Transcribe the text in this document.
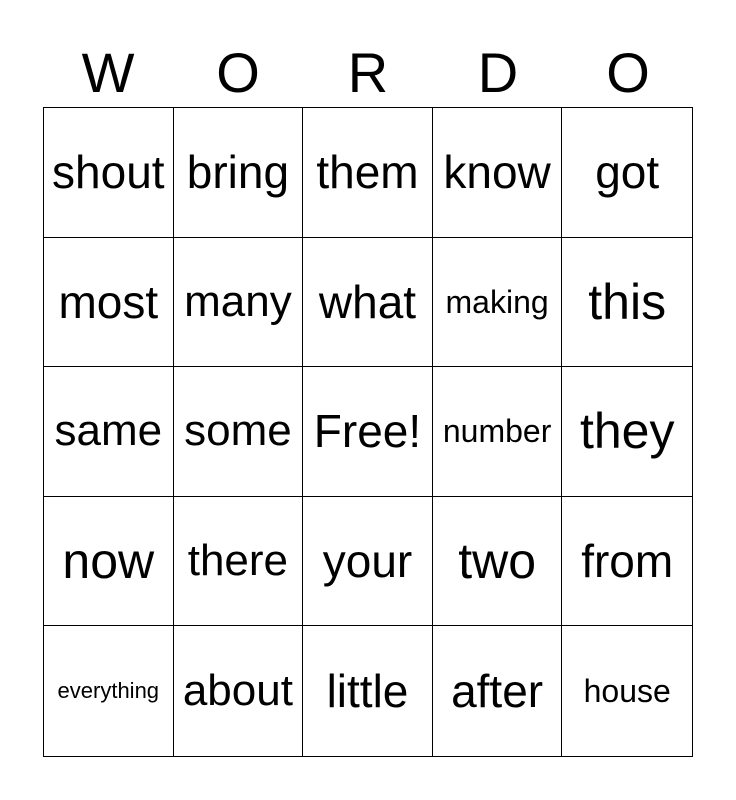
W	O	R	D	O
shout bring them know got
most many what making this
same some Free! number they
now there your two from
everything about little after	house
